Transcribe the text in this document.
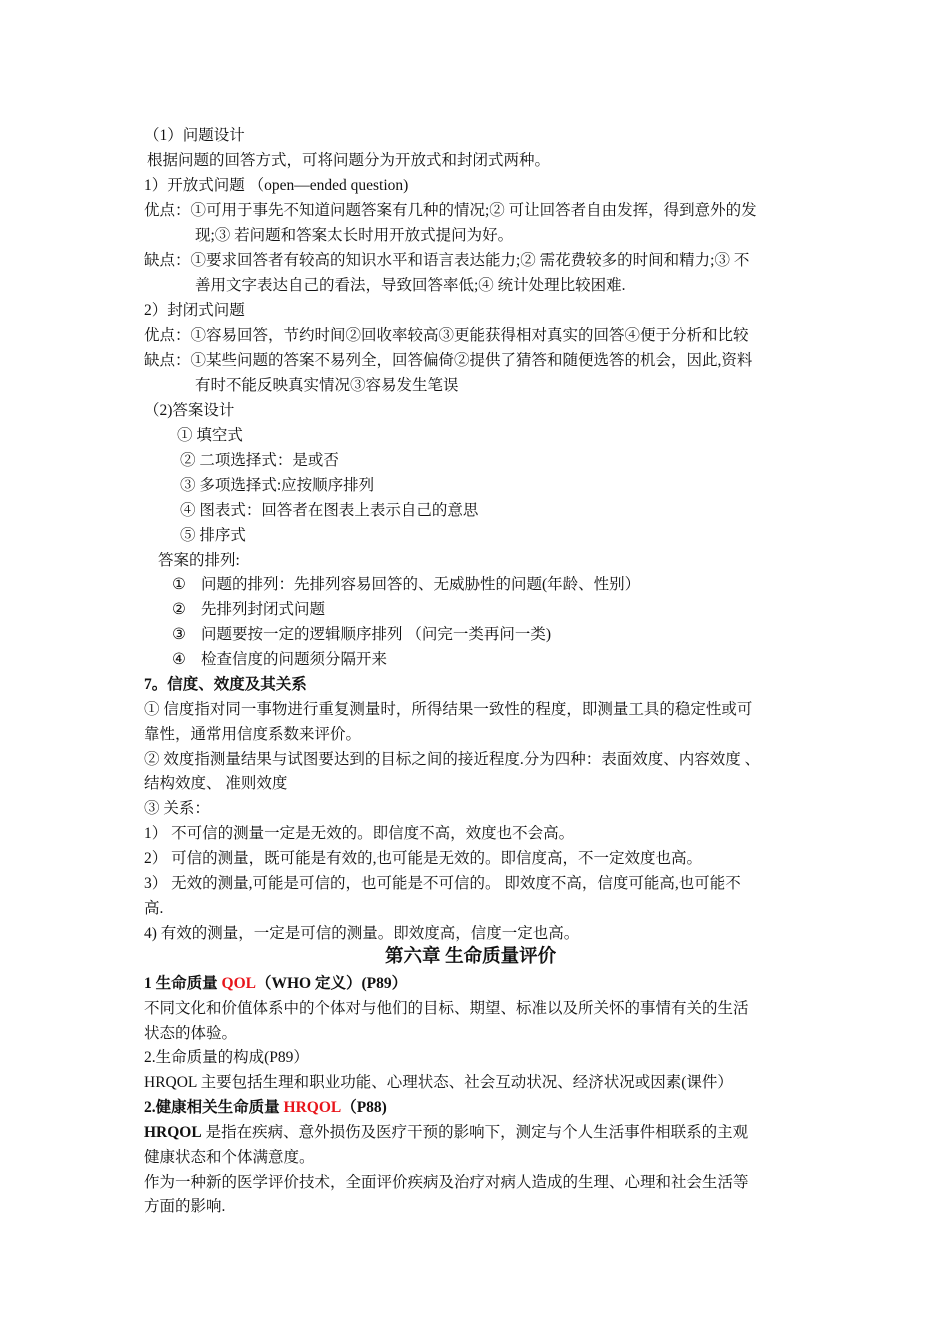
（1）问题设计
根据问题的回答方式，可将问题分为开放式和封闭式两种。
1）开放式问题 （open—ended question)
优点：①可用于事先不知道问题答案有几种的情况;② 可让回答者自由发挥，得到意外的发
现;③ 若问题和答案太长时用开放式提问为好。
缺点：①要求回答者有较高的知识水平和语言表达能力;② 需花费较多的时间和精力;③ 不
善用文字表达自己的看法，导致回答率低;④ 统计处理比较困难.
2）封闭式问题
优点：①容易回答，节约时间②回收率较高③更能获得相对真实的回答④便于分析和比较
缺点：①某些问题的答案不易列全，回答偏倚②提供了猜答和随便选答的机会，因此,资料
有时不能反映真实情况③容易发生笔误
（2)答案设计
① 填空式
② 二项选择式：是或否
③ 多项选择式:应按顺序排列
④ 图表式：回答者在图表上表示自己的意思
⑤ 排序式
答案的排列:
① 问题的排列：先排列容易回答的、无威胁性的问题(年龄、性别）
② 先排列封闭式问题
③ 问题要按一定的逻辑顺序排列 （问完一类再问一类)
④ 检查信度的问题须分隔开来
7。信度、效度及其关系
① 信度指对同一事物进行重复测量时，所得结果一致性的程度，即测量工具的稳定性或可
靠性，通常用信度系数来评价。
② 效度指测量结果与试图要达到的目标之间的接近程度.分为四种：表面效度、内容效度 、
结构效度、 准则效度
③ 关系：
1） 不可信的测量一定是无效的。即信度不高，效度也不会高。
2） 可信的测量，既可能是有效的,也可能是无效的。即信度高，不一定效度也高。
3） 无效的测量,可能是可信的，也可能是不可信的。 即效度不高，信度可能高,也可能不
高.
4) 有效的测量，一定是可信的测量。即效度高，信度一定也高。
第六章 生命质量评价
1 生命质量 QOL（WHO 定义）(P89）
不同文化和价值体系中的个体对与他们的目标、期望、标准以及所关怀的事情有关的生活
状态的体验。
2.生命质量的构成(P89）
HRQOL 主要包括生理和职业功能、心理状态、社会互动状况、经济状况或因素(课件）
2.健康相关生命质量 HRQOL（P88)
HRQOL 是指在疾病、意外损伤及医疗干预的影响下，测定与个人生活事件相联系的主观
健康状态和个体满意度。
作为一种新的医学评价技术，全面评价疾病及治疗对病人造成的生理、心理和社会生活等
方面的影响.
